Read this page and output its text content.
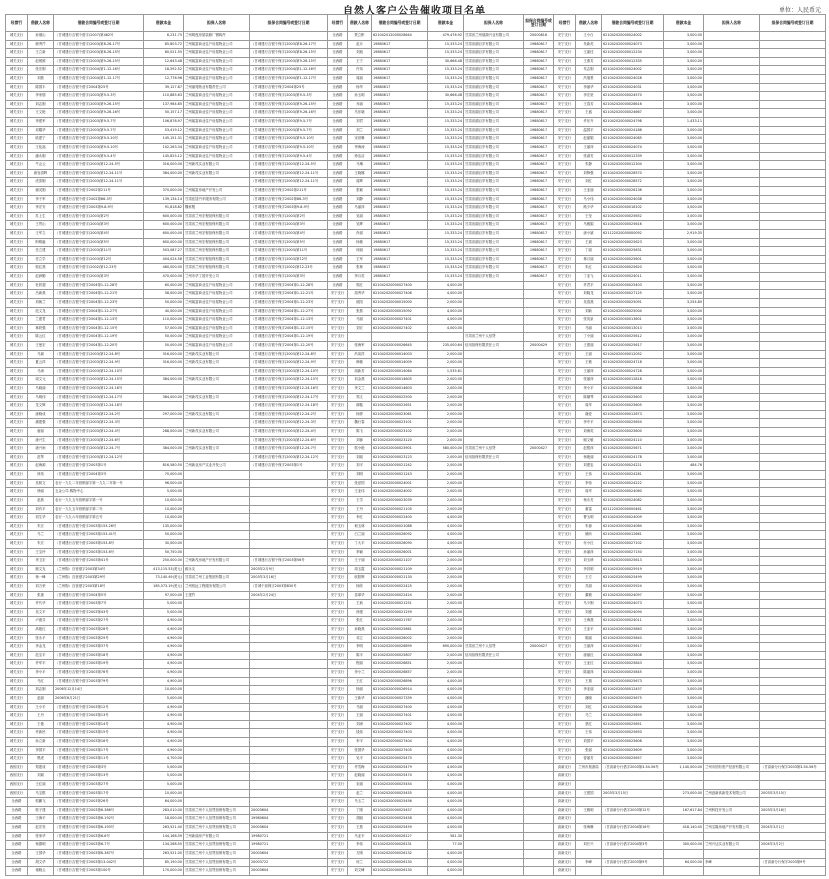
自然人客户公告催收项目名单	单位：人民币元
经营行	借款人名称	借款合同编号或签订日期	借款本金	担保人名称	担保合同编号或签订日期	经营行	借款人名称	借款合同编号或签订日期	借款本金	担保人名称	担保合同编号或签订日期	经营行	借款人名称	借款合同编号或签订日期	借款本金	担保人名称	担保合同编号或签订日期
城关支行	孙继山	（甘城建行吉银个借字(2007)第462号	6,231.75	兰州明莲房屋装修厂钢构件		全西路	贾立彬	621042012000028644	479,476.92	甘肃省兰州瑞源兴业有限公司	20000816	安宁支行	王小白	621042020000024002	3,000.00		
城关支行	颜秀芹	（甘城建行吉银个借字(2003)第8-26-17号	85,803.72	兰州闻富商业住户房屋物业公司	（甘城建行吉银个保字(2003)第8-26-17号	全西路	赵月	19880617	15,333.24	甘肃省湖百岁有限公司	19880617	安宁支行	朱新英	621042020000024073	3,000.00		
城关支行	王立新	（甘城建行吉银个借字(2003)第8-26-15号	60,021.55	兰州闻富商业住户房屋物业公司	（甘城建行吉银个保字(2003)第8-26-15号	全西路	刘迪	19880617	15,333.24	甘肃省湖百岁有限公司	19880617	安宁支行	王嘉佳	621042020000012234	3,000.00		
城关支行	赵炳照	（甘城建行吉银个借字(2003)第9-26-15号	12,643.48	兰州闻富商业住户房屋物业公司	（甘城建行吉银个保字(2003)第9-26-15号	全西路	王宁	19880617	30,666.48	甘肃省湖百岁有限公司	19880617	安宁支行	王燕芳	621042020000012335	3,000.00		
城关支行	张宏刚	（甘城建行吉银个借字(2004)第1-12-16号	18,592.52	兰州闻富商业住户房屋物业公司	（甘城建行吉银个保字(2004)第1-12-16号	全西路	许凤	19880617	15,333.24	甘肃省湖百岁有限公司	19880617	安宁支行	朱志刚	621042020000024002	3,000.00		
城关支行	刘燕	（甘城建行吉银个借字(2004)第1-12-17号	12,776.96	兰州闻富商业住户房屋物业公司	（甘城建行吉银个保字(2004)第1-12-17号	全西路	周丽	19880617	15,333.24	甘肃省湖百岁有限公司	19880617	安宁支行	冯瑞景	621042020000024028	3,000.00		
城关支行	陈国丰	（甘城建行吉银个借字2004第25号	39,127.87	兰州丽苑物业有限责任公司	（甘城建行吉银个保字2004第25号	全西路	杨华	19880617	15,333.24	甘肃省湖百岁有限公司	19880617	安宁支行	李丽华	621042020000024031	3,000.00		
城关支行	李家德	（甘城建行吉银个借字(2003)第9-5-3号	110,885.63	兰州闻富商业住户房屋物业公司	（甘城建行吉银个保字(2003)第9-5-3号	全西路	孙玉明	19880617	30,666.48	甘肃省湖百岁有限公司	19880617	安宁支行	李宏宽	621042020000024570	3,000.00		
城关支行	刘志刚	（甘城建行吉银个借字(2003)第9-26-15号	137,984.85	兰州闻富商业住户房屋物业公司	（甘城建行吉银个保字(2003)第9-26-15号	全西路	乔丽	19880617	15,333.24	甘肃省湖百岁有限公司	19880617	安宁支行	王春芳	621042020000028616	3,000.00		
城关支行	王文艳	（甘城建行吉银个借字(2003)第9-26-16号	50,157.17	兰州闻富商业住户房屋物业公司	（甘城建行吉银个保字(2003)第9-26-16号	全西路	马东晓	19880617	15,333.24	甘肃省湖百岁有限公司	19880617	安宁支行	王盛	621042020000024667	3,000.00		
城关支行	李建军	（甘城建行吉银个借字(2003)第9-5-7号	106,878.97	兰州闻富商业住户房屋物业公司	（甘城建行吉银个保字(2003)第9-5-7号	全西路	刘君	19880617	15,333.24	甘肃省湖百岁有限公司	19880617	安宁支行	许东升	621042020000024798	1,433.11		
城关支行	邓耀华	（甘城建行吉银个借字(2003)第9-5-7号	53,419.12	兰州闻富商业住户房屋物业公司	（甘城建行吉银个保字(2003)第9-5-7号	全西路	刘兰	19880617	15,333.24	甘肃省湖百岁有限公司	19880617	安宁支行	温国平	621042020000024188	3,000.00		
城关支行	欧建宁	（甘城建行吉银个借字(2003)第9-5-10号	145,151.31	兰州闻富商业住户房屋物业公司	（甘城建行吉银个保字(2003)第9-5-10号	全西路	宋世琳	19880617	15,333.24	甘肃省湖百岁有限公司	19880617	安宁支行	赵丽娟	621042020000024085	3,000.00		
城关支行	王化福	（甘城建行吉银个借字(2003)第9-5-10号	102,263.34	兰州闻富商业住户房屋物业公司	（甘城建行吉银个保字(2003)第9-5-10号	全西路	李海涛	19880617	15,333.24	甘肃省湖百岁有限公司	19880617	安宁支行	王丽萍	621042020000024074	3,000.00		
城关支行	潘永刚	（甘城建行吉银个借字(2003)第9-5-4号	145,825.12	兰州闻富商业住户房屋物业公司	（甘城建行吉银个保字(2003)第9-5-4号	全西路	徐洁洁	19880617	15,333.24	甘肃省湖百岁有限公司	19880617	安宁支行	张淑芳	621042020000012339	3,000.00		
城关支行	牛会云	（甘城建行吉银个借字(2003)第12-24-5号	316,000.00	兰州新茂实业有限公司	（甘城建行吉银个保字(2003)第12-24-5号	全西路	马琳	19880617	15,333.24	甘肃省湖百岁有限公司	19880617	安宁支行	朱静	621042020000012304	3,000.00		
城关支行	唐官清晖	（甘城建行吉银个借字(2003)第12-24-11号	384,000.00	兰州新茂实业有限公司	（甘城建行吉银个保字(2003)第12-24-11号	全西路	王晓娜	19880617	15,333.24	甘肃省湖百岁有限公司	19880617	安宁支行	刘锋强	621042020000028570	3,000.00		
城关支行	虎喜刚	（甘城建行吉银个借字(2003)第12-24-11号			（甘城建行吉银个保字(2003)第12-24-11号	全西路	周辉	19880617	15,333.24	甘肃省湖百岁有限公司	19880617	安宁支行	刘红	621042020000028572	3,000.00		
城关支行	谢灵刚	（甘城建行吉银个借字2002第211号	370,000.00	兰州闻富房地产开发公司	（甘城建行吉银个保字2002第211号	全西路	张颖	19880617	15,333.24	甘肃省湖百岁有限公司	19880617	安宁支行	王亚丽	621042020000026136	3,000.00		
城关支行	李子军	（甘城建行吉银个借字2002第86-3号	139,134.14	甘肃佳居汽车服务有限公司	（甘城建行吉银个保字2002第86-3号	全西路	刘静	19880617	15,333.24	甘肃省湖百岁有限公司	19880617	安宁支行	马小伟	621042020000024038	3,000.00		
城关支行	李宏安	（甘城建行吉银个借字2003第9-8-9号	91,818.82	魏家骏	（甘城建行吉银个保字2003第9-8-9号	全西路	马丽萍	19880617	15,333.24	甘肃省湖百岁有限公司	19880617	安宁支行	路少华	621042020000018102	3,000.00		
城关支行	苏上生	（甘城建行吉银个借字(2003)第2号	600,000.00	甘肃省兰州宏程担保有限公司	（甘城建行吉银个保字(2003)第2号	全西路	吴丽	19880617	15,333.24	甘肃省湖百岁有限公司	19880617	安宁支行	王莹	621042020000025652	3,000.00		
城关支行	王贯山	（甘城建行吉银个借字(2003)第3号	600,000.00	甘肃省兰州宏程担保有限公司	（甘城建行吉银个保字(2003)第3号	全西路	吴辉	19880617	15,333.24	甘肃省湖百岁有限公司	19880617	安宁支行	马雅娟	621042020000025616	3,000.00		
城关支行	王军立	（甘城建行吉银个借字(2003)第4号	600,000.00	甘肃省兰州宏程担保有限公司	（甘城建行吉银个保字(2003)第4号	全西路	肖丽	19880617	15,333.24	甘肃省湖百岁有限公司	19880617	安宁支行	唐小斌	621122020000000092	2,919.35		
城关支行	阿明毅	（甘城建行吉银个借字(2003)第5号	600,000.00	甘肃省兰州宏程担保有限公司	（甘城建行吉银个保字(2003)第5号	全西路	杨敏	19880617	15,333.24	甘肃省湖百岁有限公司	19880617	安宁支行	王斌	621042020000025623	3,000.00		
城关支行	任立建	（甘城建行吉银个借字(2003)第11号	503,087.27	甘肃省兰州宏程担保有限公司	（甘城建行吉银个保字(2003)第11号	全西路	何丽	19880617	15,333.24	甘肃省湖百岁有限公司	19880617	安宁支行	丁丽	621042020000025631	3,000.00		
城关支行	任立学	（甘城建行吉银个借字(2003)第12号	404,024.58	甘肃省兰州宏程担保有限公司	（甘城建行吉银个保字(2003)第12号	全西路	王军	19880617	15,333.24	甘肃省湖百岁有限公司	19880617	安宁支行	林月丽	621042020000025601	3,000.00		
城关支行	郭红燕	（甘城建行吉银个借字(2002)第12-23号	480,000.00	甘肃省兰州宏程担保有限公司	（甘城建行吉银个保字(2002)第12-23号	全西路	张林	19880617	15,333.24	甘肃省湖百岁有限公司	19880617	安宁支行	朱红	621042020000025620	3,000.00		
城关支行	赵润勤	（甘城建行吉银个借字(2003)第3号	470,000.00	兰州市华工园开发公司	（甘城建行吉银个保字(2003)第3号	全西路	李月英	19880617	15,333.24	甘肃省湖百岁有限公司	19880617	安宁支行	丁亚飞	621042020000024011	3,000.00		
城关支行	杜铁超	（甘城建行吉银个借字2004第1-12-28号	60,000.00	兰州闻富商业住户房屋物业公司	（甘城建行吉银个保字2004第1-12-28号	全西路	郭红	621042020000027400	4,000.00			安宁支行	许君平	621042020000025403	3,000.00		
城关支行	吕新燕	（甘城建行吉银个借字2004第1-12-21号	58,000.00	兰州闻富商业住户房屋物业公司	（甘城建行吉银个保字2004第1-12-21号	安宁支行	周秀华	621042020000027406	4,000.00			安宁支行	刘晓龙	621042020000027125	3,000.00		
城关支行	刘焕兰	（甘城建行吉银个借字2004第1-12-23号	50,000.00	兰州闻富商业住户房屋物业公司	（甘城建行吉银个保字2004第1-12-23号	安宁支行	欧阳	621042020000015000	2,000.00			安宁支行	吴春燕	621042020000025091	3,254.80		
城关支行	范文龙	（甘城建行吉银个借字2004第1-12-27号	40,000.00	兰州闻富商业住户房屋物业公司	（甘城建行吉银个保字2004第1-12-27号	安宁支行	张燕	621042020000015092	4,000.00			安宁支行	刘新	621042020000025004	3,000.00		
城关支行	兰建君	（甘城建行吉银个借字2004第1-12-13号	110,000.00	兰州闻富商业住户房屋物业公司	（甘城建行吉银个保字2004第1-12-13号	安宁支行	马丽	621042020000027401	4,000.00			安宁支行	张英泉	621042020000013601	3,000.00		
城关支行	林铁强	（甘城建行吉银个借字2004第1-12-15号	57,000.00	兰州闻富商业住户房屋物业公司	（甘城建行吉银个保字2004第1-12-15号	安宁支行	刘宏	621042020000027402	4,000.00			安宁支行	马丽	621042020000013013	3,000.00		
城关支行	陈云红	（甘城建行吉银个借字2004第1-12-19号	50,000.00	兰州闻富商业住户房屋物业公司	（甘城建行吉银个保字2004第1-12-19号	安宁支行				甘肃省兰州个人信贷		安宁支行	丁小丽	621042020000025612	3,000.00		
城关支行	王曼宏	（甘城建行吉银个借字2004第1-12-20号	50,000.00	兰州闻富商业住户房屋物业公司	（甘城建行吉银个保字2004第1-12-20号	安宁支行	张海军	621042020000026645	235,000.64	信用担保有限责任公司	20000429	安宁支行	王建丽	621042020000025617	3,000.00		
城关支行	马斌	（甘城建行吉银个借字(2003)第12-24-8号	316,000.00	兰州新茂实业有限公司	（甘城建行吉银个保字(2003)第12-24-8号	安宁支行	冯凤祥	621042020000014003	2,000.00			安宁支行	王丽	621042020000012052	3,000.00		
城关支行	夏云祥	（甘城建行吉银个借字(2003)第12-24-9号	316,000.00	兰州新茂实业有限公司	（甘城建行吉银个保字(2003)第12-24-9号	安宁支行	韩敏	621042020000014009	2,000.00			安宁支行	王敏	621042020000024718	3,000.00		
城关支行	马涛	（甘城建行吉银个借字(2003)第12-24-10号			（甘城建行吉银个保字(2003)第12-24-10号	安宁支行	周新芳	621042020000014064	1,535.61			安宁支行	王丽萍	621042020000024728	3,000.00		
城关支行	周文元	（甘城建行吉银个借字(2003)第12-24-15号	384,000.00	兰州新茂实业有限公司	（甘城建行吉银个保字(2003)第12-24-15号	安宁支行	刘金燕	621042020000014605	2,000.00			安宁支行	张丽萍	621042020000012818	3,000.00		
城关支行	马晓丽	（甘城建行吉银个借字(2003)第12-24-16号			（甘城建行吉银个保字(2003)第12-24-16号	安宁支行	李文兰	621042020000014603	2,000.00			安宁支行	李小平	621042020000025608	3,000.00		
城关支行	马明伟	（甘城建行吉银个借字(2003)第12-24-17号	384,000.00	兰州新茂实业有限公司	（甘城建行吉银个保字(2003)第12-24-17号	安宁支行	郑文	621042020000022500	2,000.00			安宁支行	陈顺琴	621042020000025603	3,000.00		
城关支行	龙文辉	（甘城建行吉银个借字(2003)第12-24-18号			（甘城建行吉银个保字(2003)第12-24-18号	安宁支行	薛毓	621042020000022651	2,000.00			安宁支行	周华	621042020000025605	3,000.00		
城关支行	唐晓成	（甘城建行吉银个借字(2003)第12-24-2号	297,000.00	兰州新茂实业有限公司	（甘城建行吉银个保字(2003)第12-24-2号	安宁支行	杨婷	621042020000023061	2,000.00			安宁支行	谢爱	621042020000012673	3,000.00		
城关支行	蒲建强	（甘城建行吉银个借字(2003)第12-24-3号			（甘城建行吉银个保字(2003)第12-24-3号	安宁支行	魏行春	621042020000023101	2,000.00			安宁支行	李中平	621042020000025654	3,000.00		
城关支行	唐丽	（甘城建行吉银个借字(2003)第12-24-4号	288,000.00	兰州新茂实业有限公司	（甘城建行吉银个保字(2003)第12-24-4号	安宁支行	陈飞	621042020000023102	2,000.00			安宁支行	刘海英	621042020000025800	3,000.00		
城关支行	唐兴生	（甘城建行吉银个借字(2003)第12-24-6号			（甘城建行吉银个保字(2003)第12-24-6号	安宁支行	刘蓉	621042020000023120	2,000.00			安宁支行	顾文敏	621042020000024110	3,000.00		
城关支行	唐兴雨	（甘城建行吉银个借字(2003)第12-24-7号	384,000.00	兰州新茂实业有限公司	（甘城建行吉银个保字(2003)第12-24-7号	安宁支行	郭小艳	621042020000023901	580,000.00	甘肃省兰州个人信贷	20000427	安宁支行	赵银萍	621042020000025671	3,000.00		
城关支行	范琴	（甘城建行吉银个借字(2003)第12-24-12号			（甘城建行吉银个保字(2003)第12-24-12号	安宁支行	刘丽	621042020000023123	2,000.00	信用担保有限责任公司		安宁支行	杨艳丽	621042020000024178	3,000.00		
城关支行	赵海源	（甘城建行吉银个借字2003第1号	816,580.50	兰州新亚房产实业开发公司	（甘城建行吉银个保字2003第1号	安宁支行	刘平	621042020000021242	2,000.00			安宁支行	刘建忠	621042020000024221	484.76		
城关支行	徐英	（甘城建行吉银个借字2004第3号	70,000.00			安宁支行	刘明	621042020000021243	2,000.00			安宁支行	王伟	621042020000024281	3,000.00		
城关支行	吴树文	农行一九九二年营销部字第一九九二年第一号	96,000.00			安宁支行	张爱国	621042020000024001	2,000.00			安宁支行	李伟	621042020000024222	3,000.00		
城关支行	徐丽	五金公司-购物中心	5,000.00			安宁支行	王亚伟	621042020000024002	2,000.00			安宁支行	周华	621042020000024060	3,000.00		
城关支行	赵燕	农行一九九五年营销部字第一号	10,000.00			安宁支行	王学	621042020000023039	2,000.00			安宁支行	杨永芳	621042020000024082	3,000.00		
城关支行	刘有平	农行一九九五年营销部字第二号	10,000.00			安宁支行	王丹	621042020000021105	2,000.00			安宁支行	翟雷	621122020000000461	3,000.00		
城关支行	刘生华	农行一九九六年营销部字第五号	10,000.00			安宁支行	李红	621042020000022400	4,000.00			安宁支行	曹玉明	621042020000024009	3,000.00		
城关支行	朱宏	（甘城建行吉银个借字2003第153-26号	135,000.00			安宁支行	柯玉林	621042020000021088	4,000.00			安宁支行	朱蓉	621042020000024084	3,000.00		
城关支行	马兰	（甘城建行吉银个借字2003第153-41号	50,000.00			安宁支行	白兰丽	621042020000026092	4,000.00			安宁支行	姚昕	621042020000012661	3,000.00		
城关支行	朱宏	（甘城建行吉银个借字2003第153-8号	30,000.00			安宁支行	丁大平	621042020000026090	4,000.00			安宁支行	付小红	621042020000027102	3,000.00		
城关支行	王宝玲	（甘城建行吉银个借字2003第153-6号	50,750.00			安宁支行	李颖	621042020000026001	4,000.00			安宁支行	孙丽萍	621042020000027150	3,000.00		
城关支行	李卫宏	（甘城建行吉银个借字2003第41号	250,000.00	兰州新茂房地产开发有限公司	（甘城建行吉银个保字2003第56号	安宁支行	王子丽	621042020000021107	2,000.00			安宁支行	刘玉珍	621042020000025613	3,000.00		
城关支行	顾文友	（兰州购）自营借字2003第34号	413,115.53(美元)	顾永友	2003年2月9日	安宁支行	周玉霞	621042020000021109	2,000.00			安宁支行	李昌明	621042020000025919	3,000.00		
城关支行	杨一峰	（兰州购）自营借字2003第29号	73,140.49(美元)	甘肃省兰州工业集团有限公司	2003年3月16日	安宁支行	欧阳辉	621042020000021130	2,000.00			安宁支行	王方	621042020000025499	3,000.00		
城关支行	刘万荣	（兰州购）自营借字2003第18号	185,573.19(美元)	兰州恒远工程服务有限公司	（甘城个担保字2003第830号	安宁支行	杨欣	621042020000022425	2,000.00			安宁支行	苏丽	621042020000025924	3,000.00		
城关支行	张惠	（甘城建行吉银个借字2004第5号	97,000.00	王建竹	2004年2月24日	安宁支行	苗翠华	621042020000022424	2,000.00			安宁支行	董敏	621042020000024097	3,000.00		
城关支行	许代华	（甘城建行吉银个借字2003第7号	5,000.00			安宁支行	王新	621042020000021251	2,000.00			安宁支行	马少刚	621042020000024073	3,000.00		
城关支行	吴文平	（甘城建行吉银个借字2003第43号	5,000.00			安宁支行	徐建	621042020000021259	2,000.00			安宁支行	刘惠	621042020000024094	3,000.00		
城关支行	卢惠芬	（甘城建行吉银个借字2003第27号	4,900.00			安宁支行	张红	621042020000021767	2,000.00			安宁支行	王海燕	621042020000024011	3,000.00		
城关支行	高艳红	（甘城建行吉银个借字2003第28号	4,900.00			安宁支行	孙晓燕	621042020000025861	2,000.00			安宁支行	王亚平	621042020000025863	3,000.00		
城关支行	张永平	（甘城建行吉银个借字2003第29号	4,900.00			安宁支行	邓立	621042020000026002	2,000.00			安宁支行	陈丽	621042020000025840	3,000.00		
城关支行	李金龙	（甘城建行吉银个借字2003第37号	4,900.00			安宁支行	李明	621042020000026899	690,000.00	甘肃省兰州个人信贷	20000427	安宁支行	王丽萍	621042020000025617	3,000.00		
城关支行	范宝平	（甘城建行吉银个借字2003第18号	4,900.00			安宁支行	陈平	621042020000025807	2,000.00	信用担保有限责任公司		安宁支行	唐丽红	621042020000025808	3,000.00		
城关支行	许军平	（甘城建行吉银个借字2003第19号	4,900.00			安宁支行	程丽	621042020000026851	2,000.00			安宁支行	王亚红	621042020000025843	3,000.00		
城关支行	李小平	（甘城建行吉银个借字2003第76号	4,900.00			安宁支行	李小兰	621042020000026857	2,000.00			安宁支行	陈丽萍	621042020000025845	3,000.00		
城关支行	马红	（甘城建行吉银个借字2003第79号	4,900.00			安宁支行	王红	621042020000026896	4,000.00			安宁支行	王瑞	621042020000025673	3,000.00		
城关支行	刘志刚	2006年12月14日	10,000.00			安宁支行	杨丽	621042020000026914	4,000.00			安宁支行	李亚丽	621042020000012457	3,000.00		
城关支行	赵丽	2006年6月21日	5,000.00			安宁支行	王新华	621042020000027339	4,000.00			安宁支行	谢晓	621042020000025675	3,000.00		
城关支行	王小平	（甘城建行吉银个借字2003第12号	4,900.00			安宁支行	马丽	621042020000027400	4,000.00			安宁支行	刘红	621042020000025604	3,000.00		
城关支行	王丹	（甘城建行吉银个借字2003第13号	4,900.00			安宁支行	王丽	621042020000027401	4,000.00			安宁支行	马兰	621042020000025659	3,000.00		
城关支行	王艳	（甘城建行吉银个借字2003第14号	4,900.00			安宁支行	刘涛	621042020000027402	4,000.00			安宁支行	蔡红	621042020000025651	3,000.00		
城关支行	许新民	（甘城建行吉银个借字2003第15号	4,900.00			安宁支行	钱伟	621042020000027403	4,000.00			安宁支行	王伟	621042020000025650	3,000.00		
城关支行	孙立新	（甘城建行吉银个借字2003第16号	4,900.00			安宁支行	李平	621042020000027404	4,000.00			安宁支行	刘国平	621042020000025608	3,000.00		
城关支行	李国平	（甘城建行吉银个借字2003第17号	4,900.00			安宁支行	张国华	621042020000027405	4,000.00			安宁支行	张丽	621042020000025609	3,000.00		
城关支行	樊虎	（甘城建行吉银个借字2003第11号	4,700.00			安宁支行	吴平	621042020000025470	4,000.00			安宁支行	曾丽芳	621042020000025657	3,000.00		
西固支行	郑建成	（甘城建行吉银个借字2003第3号	5,000.00			安宁支行	许雪梅	621042020000025479	4,000.00			高新支行	兰州市旅游局	（甘高新分行借字2003第3-54-56号	1,140,000.00	兰州市国有资产经营有限公司	（甘高新分行保字2003第3-54-56号
西固支行	刘斌	（甘城建行吉银个借字2003第13号	5,000.00			安宁支行	赵晓丽	621042020000025474	4,000.00			高新支行					
西固支行	王红丽	（甘城建行吉银个借字2003第27号	5,000.00			安宁支行	宋丽	621042020000025454	4,000.00			高新支行					
西固支行	马宝银	（甘城建行吉银个借字2003第17号	10,000.00			安宁支行	赵兰	621042020000025455	4,000.00			高新支行	王建国	2003年3月15日	273,000.00	兰州创新高新技术有限公司	2003年3月15日
全西路	郭鹏飞	（甘城建行吉银个借字2003第26号	64,000.00			安宁支行	马玉兰	621042020000025456	4,000.00			高新支行					
全西路	郭子建	（甘城建行吉银个借字2003第6-386号	283,010.00	甘肃省兰州个人信贷担保有限公司	20003604	安宁支行	丁刚	621042020000025457	4,000.00			高新支行	王雅明	（甘高新分行借字2003第12号	167,617.84	兰州科技开发公司	2003年3月16日
全西路	王海平	（甘城建行吉银个借字2003第6-192号	18,000.00	甘肃省兰州个人信贷担保有限公司	19980604	安宁支行	胡丽	621042020000025458	4,000.00			高新支行					
全西路	赵宏发	（甘城建行吉银个借字2003第6-193号	263,521.00	甘肃省兰州个人信贷担保有限公司	20003604	安宁支行	王燕	621042020000025459	4,000.00			高新支行	张海琳	（甘高新分行借字2004第16号	418,140.45	兰州宝隆房地产开发有限公司	2004年3月1日
全西路	张家华	（甘城建行吉银个借字2003第6-6号	144,168.59	兰州新丽房产有限公司	19980721	安宁支行	马亚平	621042020000026127	581.30			高新支行					
全西路	杨德明	（甘城建行吉银个借字2003第6-7号	134,268.55	甘肃省兰州个人信贷担保有限公司	19980721	安宁支行	李伟	621042020000026131	77.00			高新支行	刘长兴	（甘高新分行借字2004第3号	300,000.00	兰州兴达实业有限公司	2004年3月2日
全西路	王国华	（甘城建行吉银个借字2003第6-387号	263,521.00	甘肃省兰州个人信贷担保有限公司	20003604	安宁支行	方刚	621042020000026132	4,000.00			高新支行					
全西路	胡文华	（甘城建行吉银个借字2003第13-042号	85,190.00	甘肃省兰州个人信贷担保有限公司	20003722	安宁支行	何兰	621042020000026130	4,000.00			高新支行	李峰	（甘高新分行借字2003第9号	64,000.00	李峰	（甘高新分行保字2003第9号
全西路	褚晓云	（甘城建行吉银个借字2003第100号	170,000.00	甘肃省兰州个人信贷担保有限公司	20003604	安宁支行	刘文峰	621042020000026130	4,000.00			高新支行					
